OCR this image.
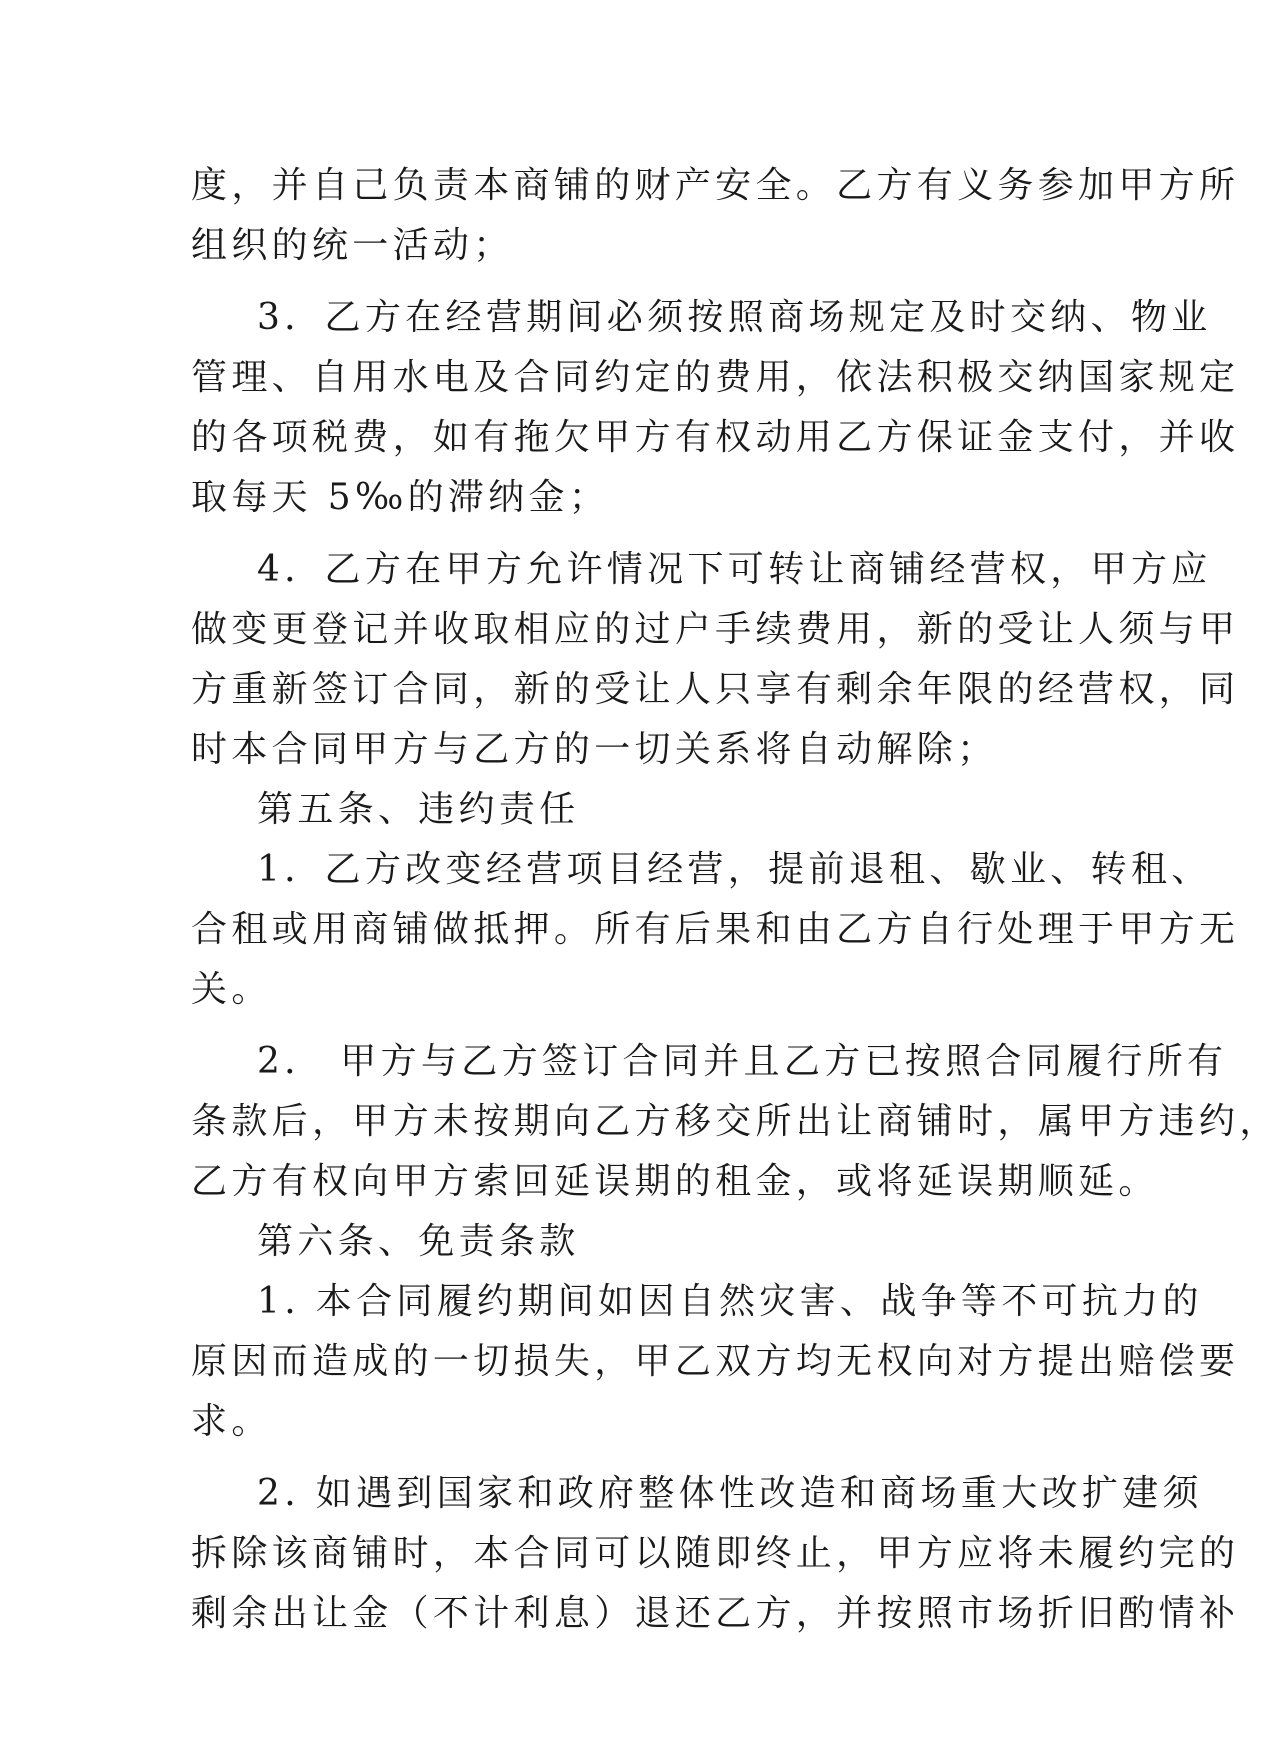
度，并自己负责本商铺的财产安全。乙方有义务参加甲方所
组织的统一活动；
3．乙方在经营期间必须按照商场规定及时交纳、物业
管理、自用水电及合同约定的费用，依法积极交纳国家规定
的各项税费，如有拖欠甲方有权动用乙方保证金支付，并收
取每天 5‰的滞纳金；
4．乙方在甲方允许情况下可转让商铺经营权，甲方应
做变更登记并收取相应的过户手续费用，新的受让人须与甲
方重新签订合同，新的受让人只享有剩余年限的经营权，同
时本合同甲方与乙方的一切关系将自动解除；
第五条、违约责任
1．乙方改变经营项目经营，提前退租、歇业、转租、
合租或用商铺做抵押。所有后果和由乙方自行处理于甲方无
关。
2． 甲方与乙方签订合同并且乙方已按照合同履行所有
条款后，甲方未按期向乙方移交所出让商铺时，属甲方违约，
乙方有权向甲方索回延误期的租金，或将延误期顺延。
第六条、免责条款
1. 本合同履约期间如因自然灾害、战争等不可抗力的
原因而造成的一切损失，甲乙双方均无权向对方提出赔偿要
求。
2. 如遇到国家和政府整体性改造和商场重大改扩建须
拆除该商铺时，本合同可以随即终止，甲方应将未履约完的
剩余出让金（不计利息）退还乙方，并按照市场折旧酌情补
